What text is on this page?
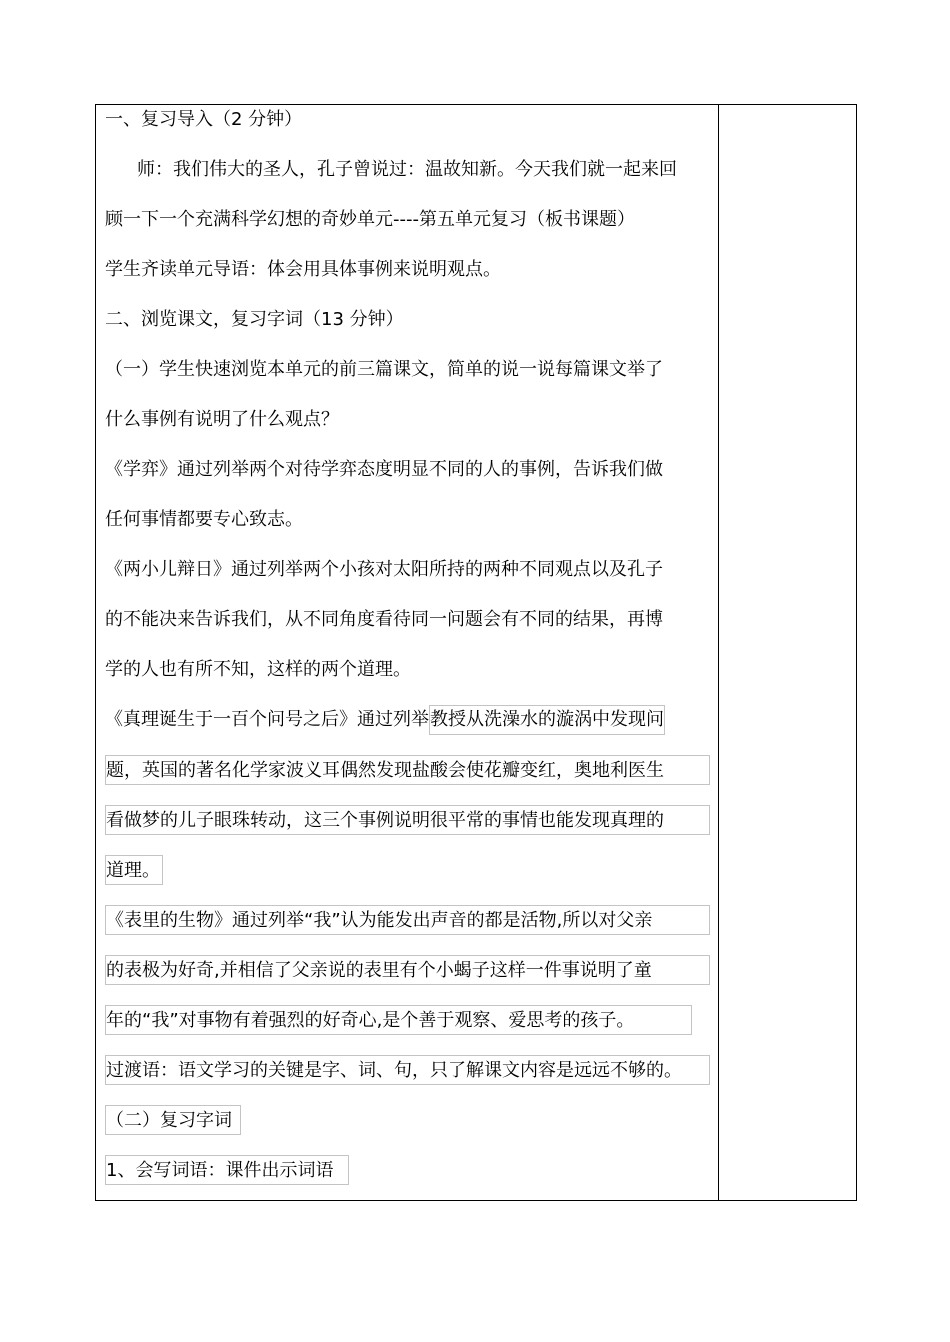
一、复习导入（2 分钟）
师：我们伟大的圣人，孔子曾说过：温故知新。今天我们就一起来回
顾一下一个充满科学幻想的奇妙单元----第五单元复习（板书课题）
学生齐读单元导语：体会用具体事例来说明观点。
二、浏览课文，复习字词（13 分钟）
（一）学生快速浏览本单元的前三篇课文，简单的说一说每篇课文举了
什么事例有说明了什么观点？
《学弈》通过列举两个对待学弈态度明显不同的人的事例，告诉我们做
任何事情都要专心致志。
《两小儿辩日》通过列举两个小孩对太阳所持的两种不同观点以及孔子
的不能决来告诉我们，从不同角度看待同一问题会有不同的结果，再博
学的人也有所不知，这样的两个道理。
《真理诞生于一百个问号之后》通过列举教授从洗澡水的漩涡中发现问
题，英国的著名化学家波义耳偶然发现盐酸会使花瓣变红，奥地利医生
看做梦的儿子眼珠转动，这三个事例说明很平常的事情也能发现真理的
道理。
《表里的生物》通过列举“我”认为能发出声音的都是活物,所以对父亲
的表极为好奇,并相信了父亲说的表里有个小蝎子这样一件事说明了童
年的“我”对事物有着强烈的好奇心,是个善于观察、爱思考的孩子。
过渡语：语文学习的关键是字、词、句，只了解课文内容是远远不够的。
（二）复习字词
1、会写词语：课件出示词语
